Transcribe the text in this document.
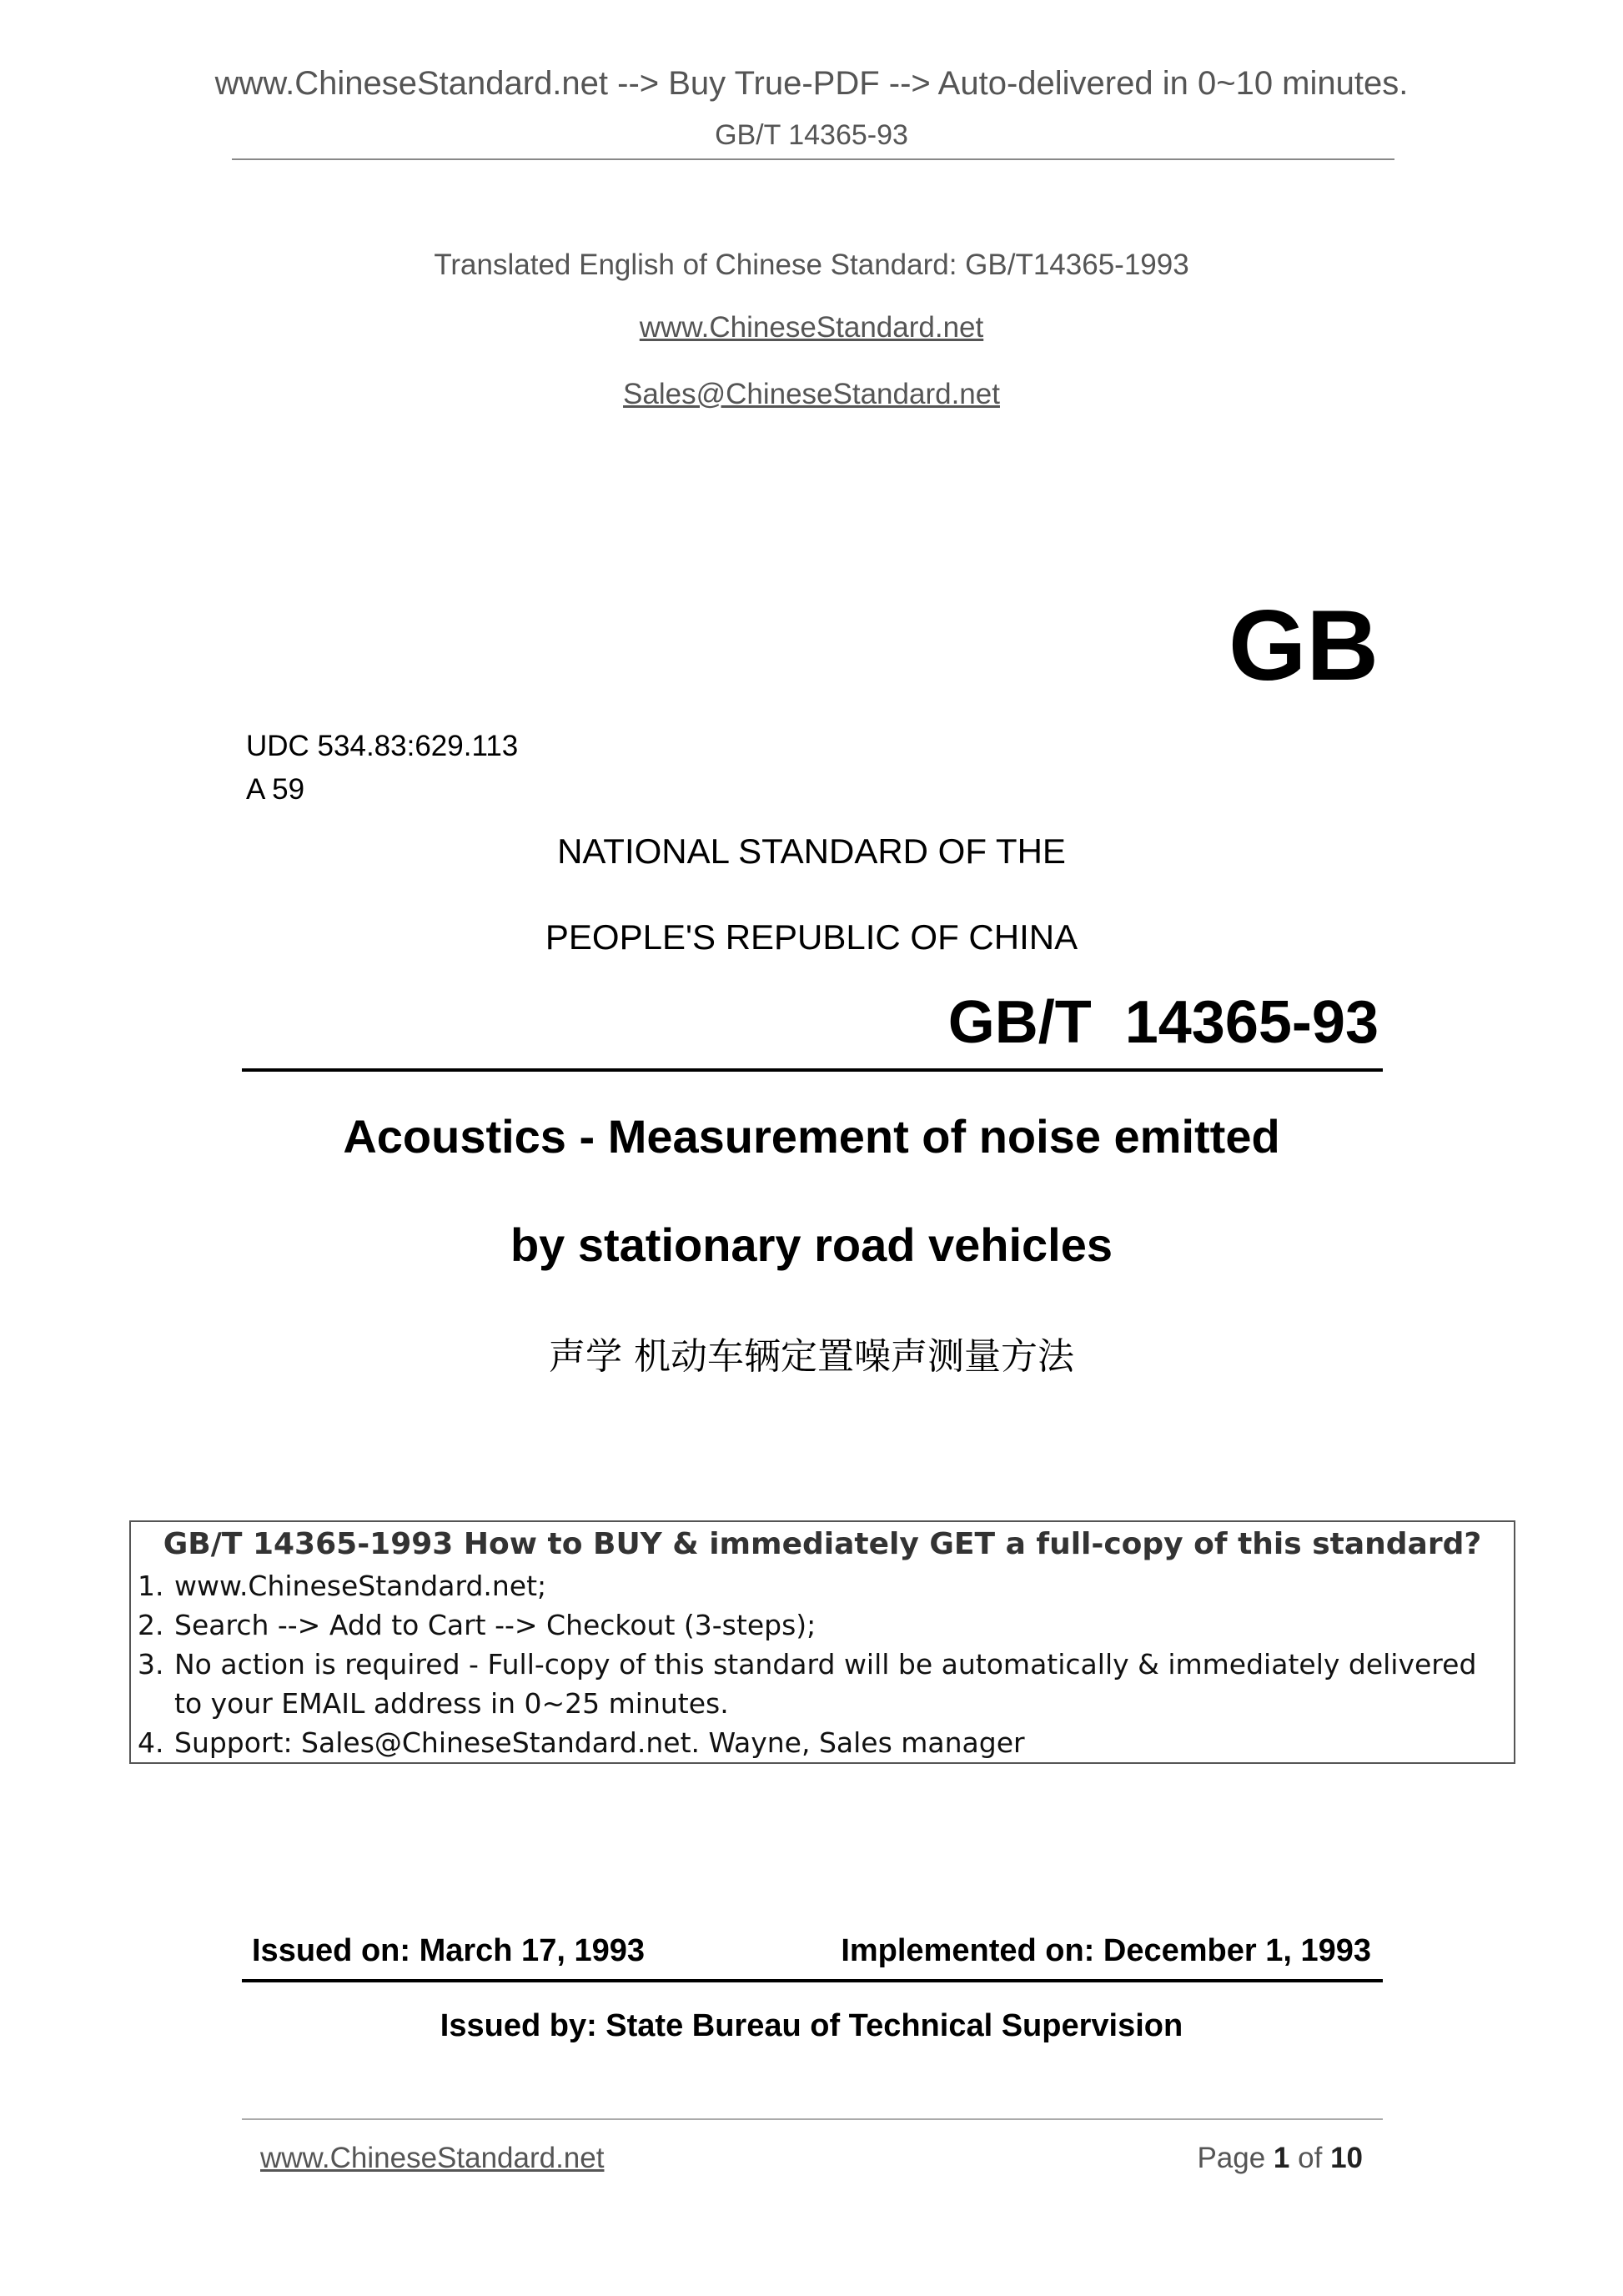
www.ChineseStandard.net --> Buy True-PDF --> Auto-delivered in 0~10 minutes.
GB/T 14365-93
Translated English of Chinese Standard: GB/T14365-1993
www.ChineseStandard.net
Sales@ChineseStandard.net
GB
UDC 534.83:629.113
A 59
NATIONAL STANDARD OF THE
PEOPLE'S REPUBLIC OF CHINA
GB/T  14365-93
Acoustics - Measurement of noise emitted
by stationary road vehicles
声学 机动车辆定置噪声测量方法
GB/T 14365-1993 How to BUY & immediately GET a full-copy of this standard?
1. www.ChineseStandard.net;
2. Search --> Add to Cart --> Checkout (3-steps);
3. No action is required - Full-copy of this standard will be automatically & immediately delivered to your EMAIL address in 0~25 minutes.
4. Support: Sales@ChineseStandard.net. Wayne, Sales manager
Issued on: March 17, 1993	Implemented on: December 1, 1993
Issued by: State Bureau of Technical Supervision
www.ChineseStandard.net	Page 1 of 10
